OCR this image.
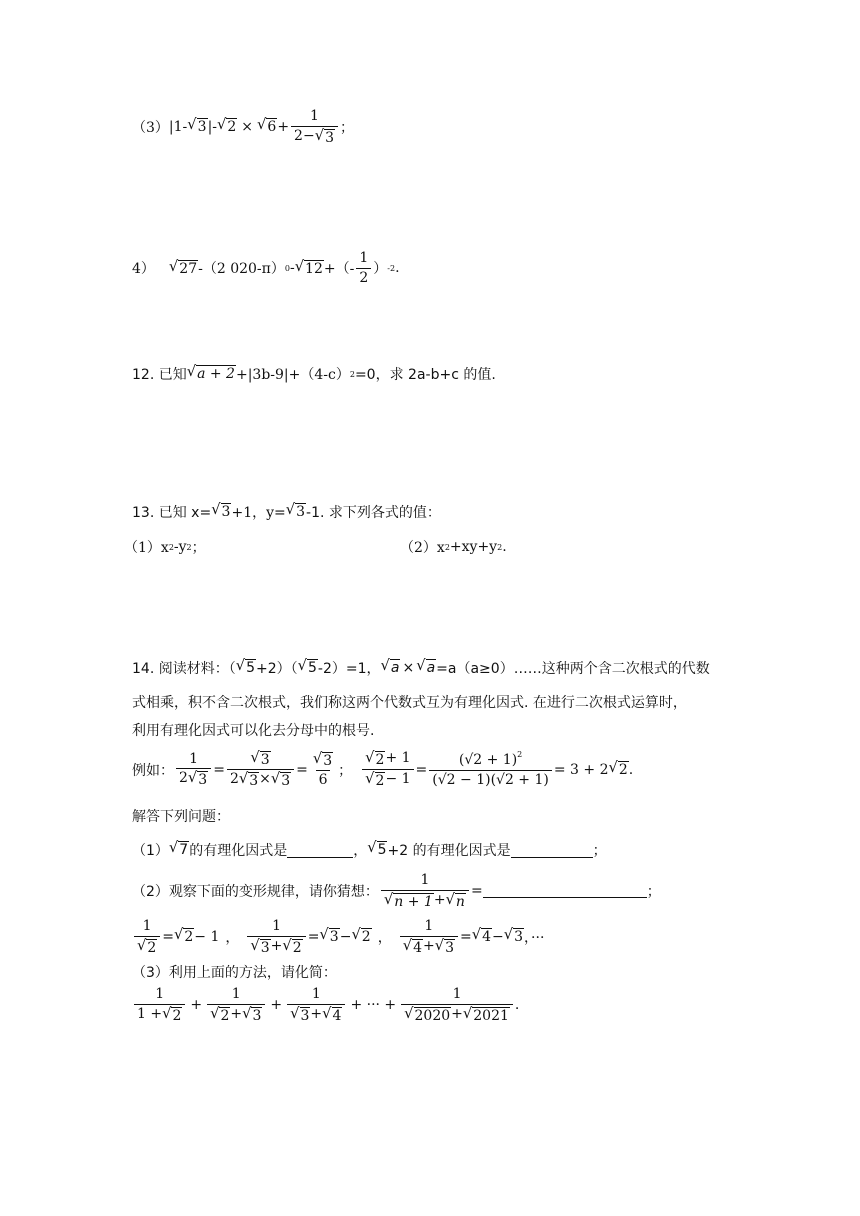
（3） | 1- √ 3 | - √ 2 × √ $6 + \frac{1}{2- √ 3}$ ；
4） √ 27 -（2 020-π） 0 - √ 12 +（- $\frac{1}{2}$ ） -2 .
12. 已知 √ a + 2 +|3b-9|+（4-c） 2 =0，求 2a-b+c 的值.
13. 已知 x= √ 3 +1，y= √ 3 -1. 求下列各式的值：
（1）x 2 -y 2 ；	（2）x 2 +xy+y 2 .
14. 阅读材料：（ √ 5 +2）（ √ 5 -2）=1， √ a × √ a =a（a≥0）……这种两个含二次根式的代数
式相乘，积不含二次根式，我们称这两个代数式互为有理化因式. 在进行二次根式运算时，
利用有理化因式可以化去分母中的根号.
例如： $\frac{1}{2 √ 3} = \frac{√ 3}{2 √ 3 \times √ 3} = \frac{√ 3}{6}$ ； $\frac{√ 2 + 1}{√ 2 - 1} = \frac{(√2 + 1)^2}{(√2 - 1)(√2 + 1)} = 3 + 2$ √ 2 .
解答下列问题：
（1） √ 7 的有理化因式是	， √ 5 +2 的有理化因式是	；
（2）观察下面的变形规律，请你猜想： $\frac{1}{√ n + 1 + √ n}$ =	；
$\frac{1}{√ 2}$ = √ 2 − 1 ， $\frac{1}{√ 3 + √ 2}$ = √ 3 − √ 2 ， $\frac{1}{√ 4 + √ 3}$ = √ 4 − √ 3 ，···
（3）利用上面的方法，请化简：
$\frac{1}{1 + √ 2} + \frac{1}{√ 2 + √ 3} + \frac{1}{√ 3 + √ 4}$ + ··· + $\frac{1}{√ 2020 + √ 2021}$ .
